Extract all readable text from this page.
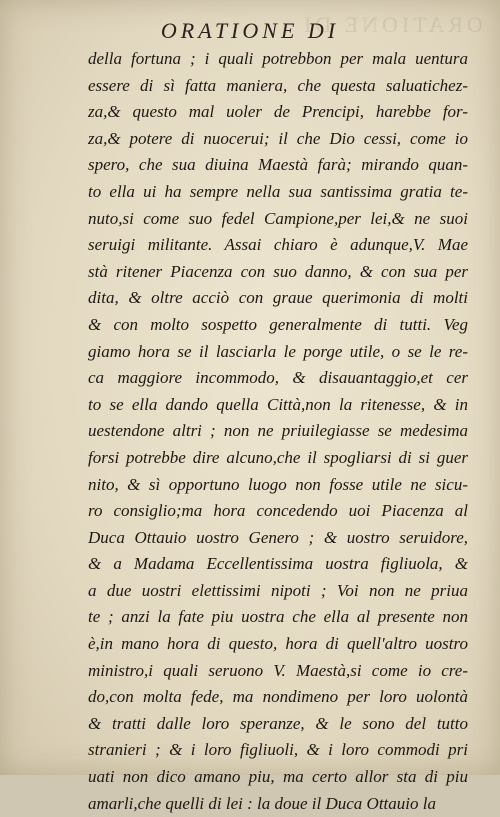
ORATIONE DI
ORATIONE DI
della fortuna ; i quali potrebbon per mala uentura
essere di sì fatta maniera, che questa saluatichez-
za,& questo mal uoler de Prencipi, harebbe for-
za,& potere di nuocerui; il che Dio cessi, come io
spero, che sua diuina Maestà farà; mirando quan-
to ella ui ha sempre nella sua santissima gratia te-
nuto,si come suo fedel Campione,per lei,& ne suoi
seruigi militante. Assai chiaro è adunque,V. Mae
stà ritener Piacenza con suo danno, & con sua per
dita, & oltre acciò con graue querimonia di molti
& con molto sospetto generalmente di tutti. Veg
giamo hora se il lasciarla le porge utile, o se le re-
ca maggiore incommodo, & disauantaggio,et cer
to se ella dando quella Città,non la ritenesse, & in
uestendone altri ; non ne priuilegiasse se medesima
forsi potrebbe dire alcuno,che il spogliarsi di si guer
nito, & sì opportuno luogo non fosse utile ne sicu-
ro consiglio;ma hora concedendo uoi Piacenza al
Duca Ottauio uostro Genero ; & uostro seruidore,
& a Madama Eccellentissima uostra figliuola, &
a due uostri elettissimi nipoti ; Voi non ne priua
te ; anzi la fate piu uostra che ella al presente non
è,in mano hora di questo, hora di quell'altro uostro
ministro,i quali seruono V. Maestà,si come io cre-
do,con molta fede, ma nondimeno per loro uolontà
& tratti dalle loro speranze, & le sono del tutto
stranieri ; & i loro figliuoli, & i loro commodi pri
uati non dico amano piu, ma certo allor sta di piu
amarli,che quelli di lei : la doue il Duca Ottauio la
